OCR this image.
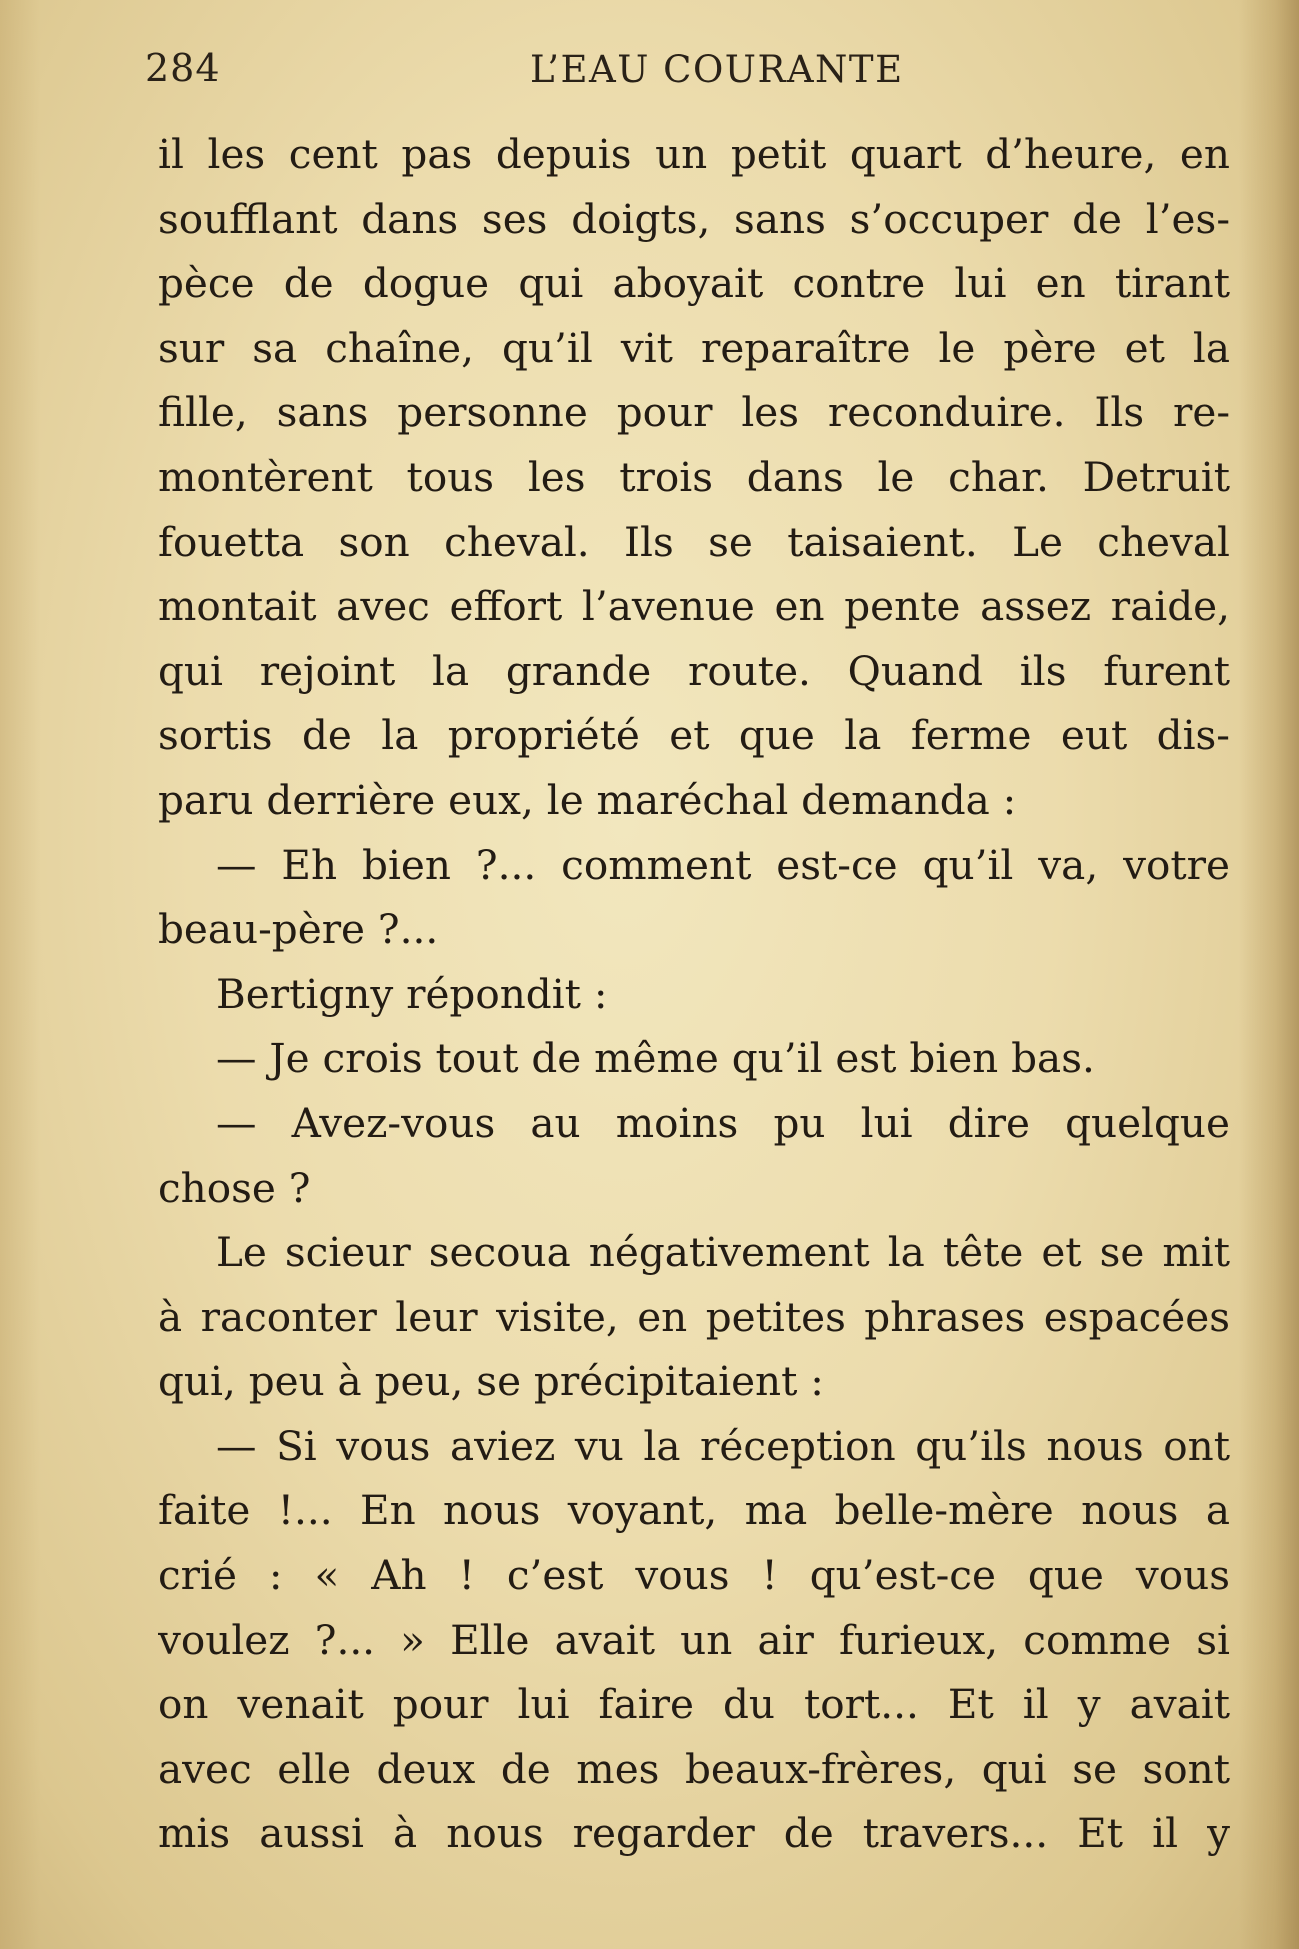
284	L’EAU COURANTE
il les cent pas depuis un petit quart d’heure, en
soufflant dans ses doigts, sans s’occuper de l’es-
pèce de dogue qui aboyait contre lui en tirant
sur sa chaîne, qu’il vit reparaître le père et la
fille, sans personne pour les reconduire. Ils re-
montèrent tous les trois dans le char. Detruit
fouetta son cheval. Ils se taisaient. Le cheval
montait avec effort l’avenue en pente assez raide,
qui rejoint la grande route. Quand ils furent
sortis de la propriété et que la ferme eut dis-
paru derrière eux, le maréchal demanda :
— Eh bien ?... comment est-ce qu’il va, votre
beau-père ?...
Bertigny répondit :
— Je crois tout de même qu’il est bien bas.
— Avez-vous au moins pu lui dire quelque
chose ?
Le scieur secoua négativement la tête et se mit
à raconter leur visite, en petites phrases espacées
qui, peu à peu, se précipitaient :
— Si vous aviez vu la réception qu’ils nous ont
faite !... En nous voyant, ma belle-mère nous a
crié : « Ah ! c’est vous ! qu’est-ce que vous
voulez ?... » Elle avait un air furieux, comme si
on venait pour lui faire du tort... Et il y avait
avec elle deux de mes beaux-frères, qui se sont
mis aussi à nous regarder de travers... Et il y
